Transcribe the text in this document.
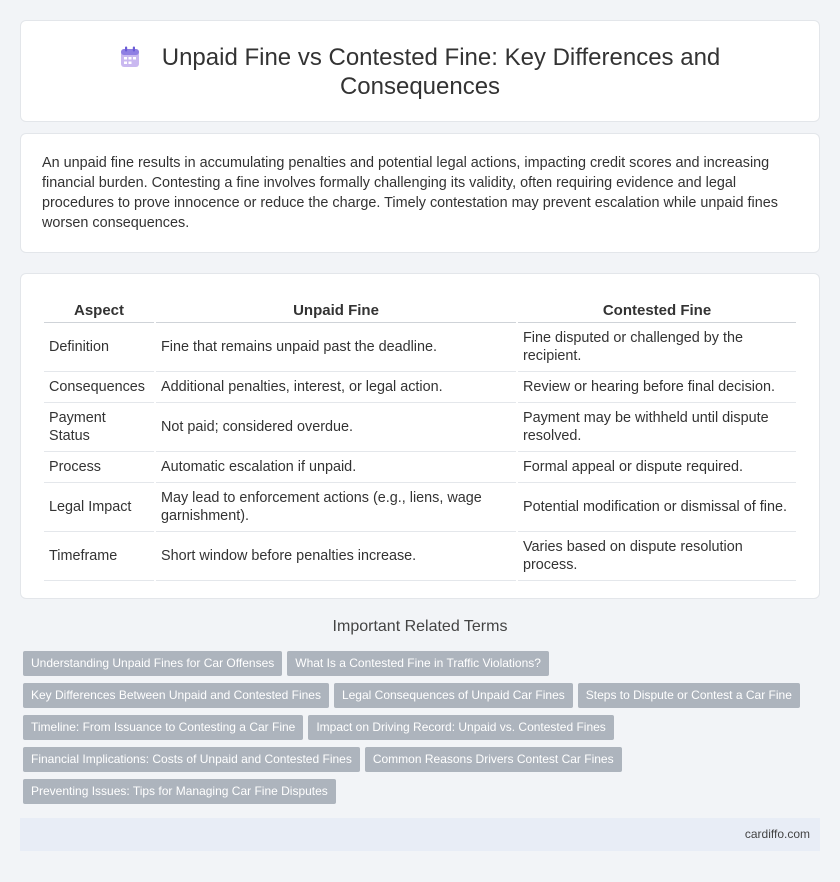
Unpaid Fine vs Contested Fine: Key Differences and
Consequences

An unpaid fine results in accumulating penalties and potential legal actions, impacting credit scores and increasing financial burden. Contesting a fine involves formally challenging its validity, often requiring evidence and legal procedures to prove innocence or reduce the charge. Timely contestation may prevent escalation while unpaid fines worsen consequences.

Aspect	Unpaid Fine	Contested Fine
Definition	Fine that remains unpaid past the deadline.	Fine disputed or challenged by the recipient.
Consequences	Additional penalties, interest, or legal action.	Review or hearing before final decision.
Payment Status	Not paid; considered overdue.	Payment may be withheld until dispute resolved.
Process	Automatic escalation if unpaid.	Formal appeal or dispute required.
Legal Impact	May lead to enforcement actions (e.g., liens, wage garnishment).	Potential modification or dismissal of fine.
Timeframe	Short window before penalties increase.	Varies based on dispute resolution process.
Important Related Terms
Understanding Unpaid Fines for Car Offenses What Is a Contested Fine in Traffic Violations?
Key Differences Between Unpaid and Contested Fines Legal Consequences of Unpaid Car Fines Steps to Dispute or Contest a Car Fine
Timeline: From Issuance to Contesting a Car Fine Impact on Driving Record: Unpaid vs. Contested Fines
Financial Implications: Costs of Unpaid and Contested Fines Common Reasons Drivers Contest Car Fines
Preventing Issues: Tips for Managing Car Fine Disputes
cardiffo.com
